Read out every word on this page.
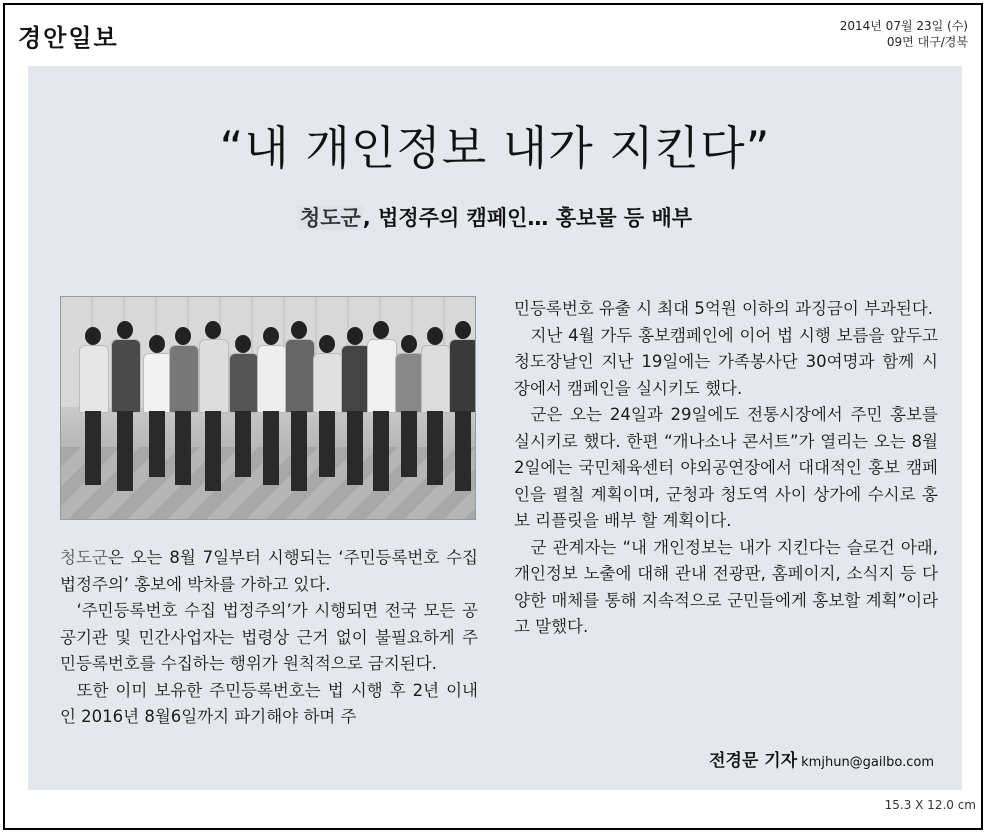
경안일보	2014년 07월 23일 (수)
09면 대구/경북
“내 개인정보 내가 지킨다”
청도군, 법정주의 캠페인… 홍보물 등 배부

청도군은 오는 8월 7일부터 시행되는 ‘주민등록번호 수집 법정주의’ 홍보에 박차를 가하고 있다.

‘주민등록번호 수집 법정주의’가 시행되면 전국 모든 공공기관 및 민간사업자는 법령상 근거 없이 불필요하게 주민등록번호를 수집하는 행위가 원칙적으로 금지된다.

또한 이미 보유한 주민등록번호는 법 시행 후 2년 이내인 2016년 8월6일까지 파기해야 하며 주

민등록번호 유출 시 최대 5억원 이하의 과징금이 부과된다.

지난 4월 가두 홍보캠페인에 이어 법 시행 보름을 앞두고 청도장날인 지난 19일에는 가족봉사단 30여명과 함께 시장에서 캠페인을 실시키도 했다.

군은 오는 24일과 29일에도 전통시장에서 주민 홍보를 실시키로 했다. 한편 “개나소나 콘서트”가 열리는 오는 8월 2일에는 국민체육센터 야외공연장에서 대대적인 홍보 캠페인을 펼칠 계획이며, 군청과 청도역 사이 상가에 수시로 홍보 리플릿을 배부 할 계획이다.

군 관계자는 “내 개인정보는 내가 지킨다는 슬로건 아래, 개인정보 노출에 대해 관내 전광판, 홈페이지, 소식지 등 다양한 매체를 통해 지속적으로 군민들에게 홍보할 계획”이라고 말했다.

전경문 기자 kmjhun@gailbo.com
15.3 X 12.0 cm
